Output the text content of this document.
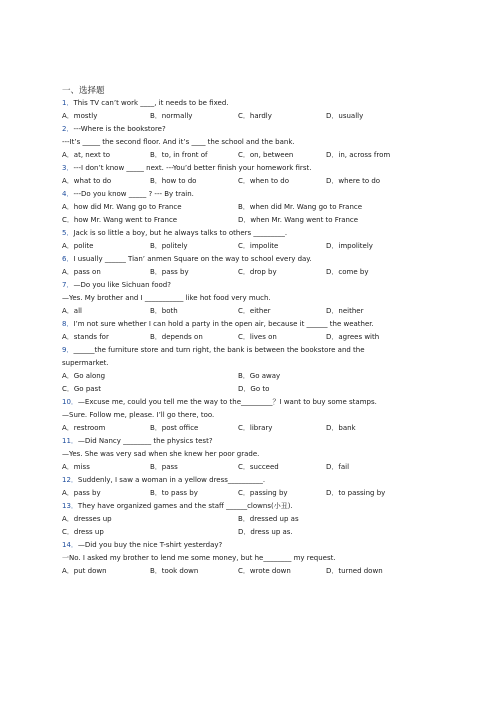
一、选择题
1．This TV can’t work ____, it needs to be fixed.
A．mostly	B．normally	C．hardly	D．usually
2．---Where is the bookstore?
---It’s _____ the second floor. And it’s ____ the school and the bank.
A．at, next to	B．to, in front of	C．on, between	D．in, across from
3．---I don’t know _____ next. ---You’d better finish your homework first.
A．what to do	B．how to do	C．when to do	D．where to do
4．---Do you know _____ ? --- By train.
A．how did Mr. Wang go to France	B．when did Mr. Wang go to France
C．how Mr. Wang went to France	D．when Mr. Wang went to France
5．Jack is so little a boy, but he always talks to others _________.
A．polite	B．politely	C．impolite	D．impolitely
6．I usually ______ Tian’ anmen Square on the way to school every day.
A．pass on	B．pass by	C．drop by	D．come by
7．—Do you like Sichuan food?
—Yes. My brother and I ___________ like hot food very much.
A．all	B．both	C．either	D．neither
8．I’m not sure whether I can hold a party in the open air, because it ______ the weather.
A．stands for	B．depends on	C．lives on	D．agrees with
9．______the furniture store and turn right, the bank is between the bookstore and the
supermarket.
A．Go along	B．Go away
C．Go past	D．Go to
10．—Excuse me, could you tell me the way to the_________？I want to buy some stamps.
—Sure. Follow me, please. I’ll go there, too.
A．restroom	B．post office	C．library	D．bank
11．—Did Nancy ________ the physics test?
—Yes. She was very sad when she knew her poor grade.
A．miss	B．pass	C．succeed	D．fail
12．Suddenly, I saw a woman in a yellow dress__________.
A．pass by	B．to pass by	C．passing by	D．to passing by
13．They have organized games and the staff ______clowns(小丑).
A．dresses up	B．dressed up as
C．dress up	D．dress up as.
14．—Did you buy the nice T-shirt yesterday?
一No. I asked my brother to lend me some money, but he________ my request.
A．put down	B．took down	C．wrote down	D．turned down
